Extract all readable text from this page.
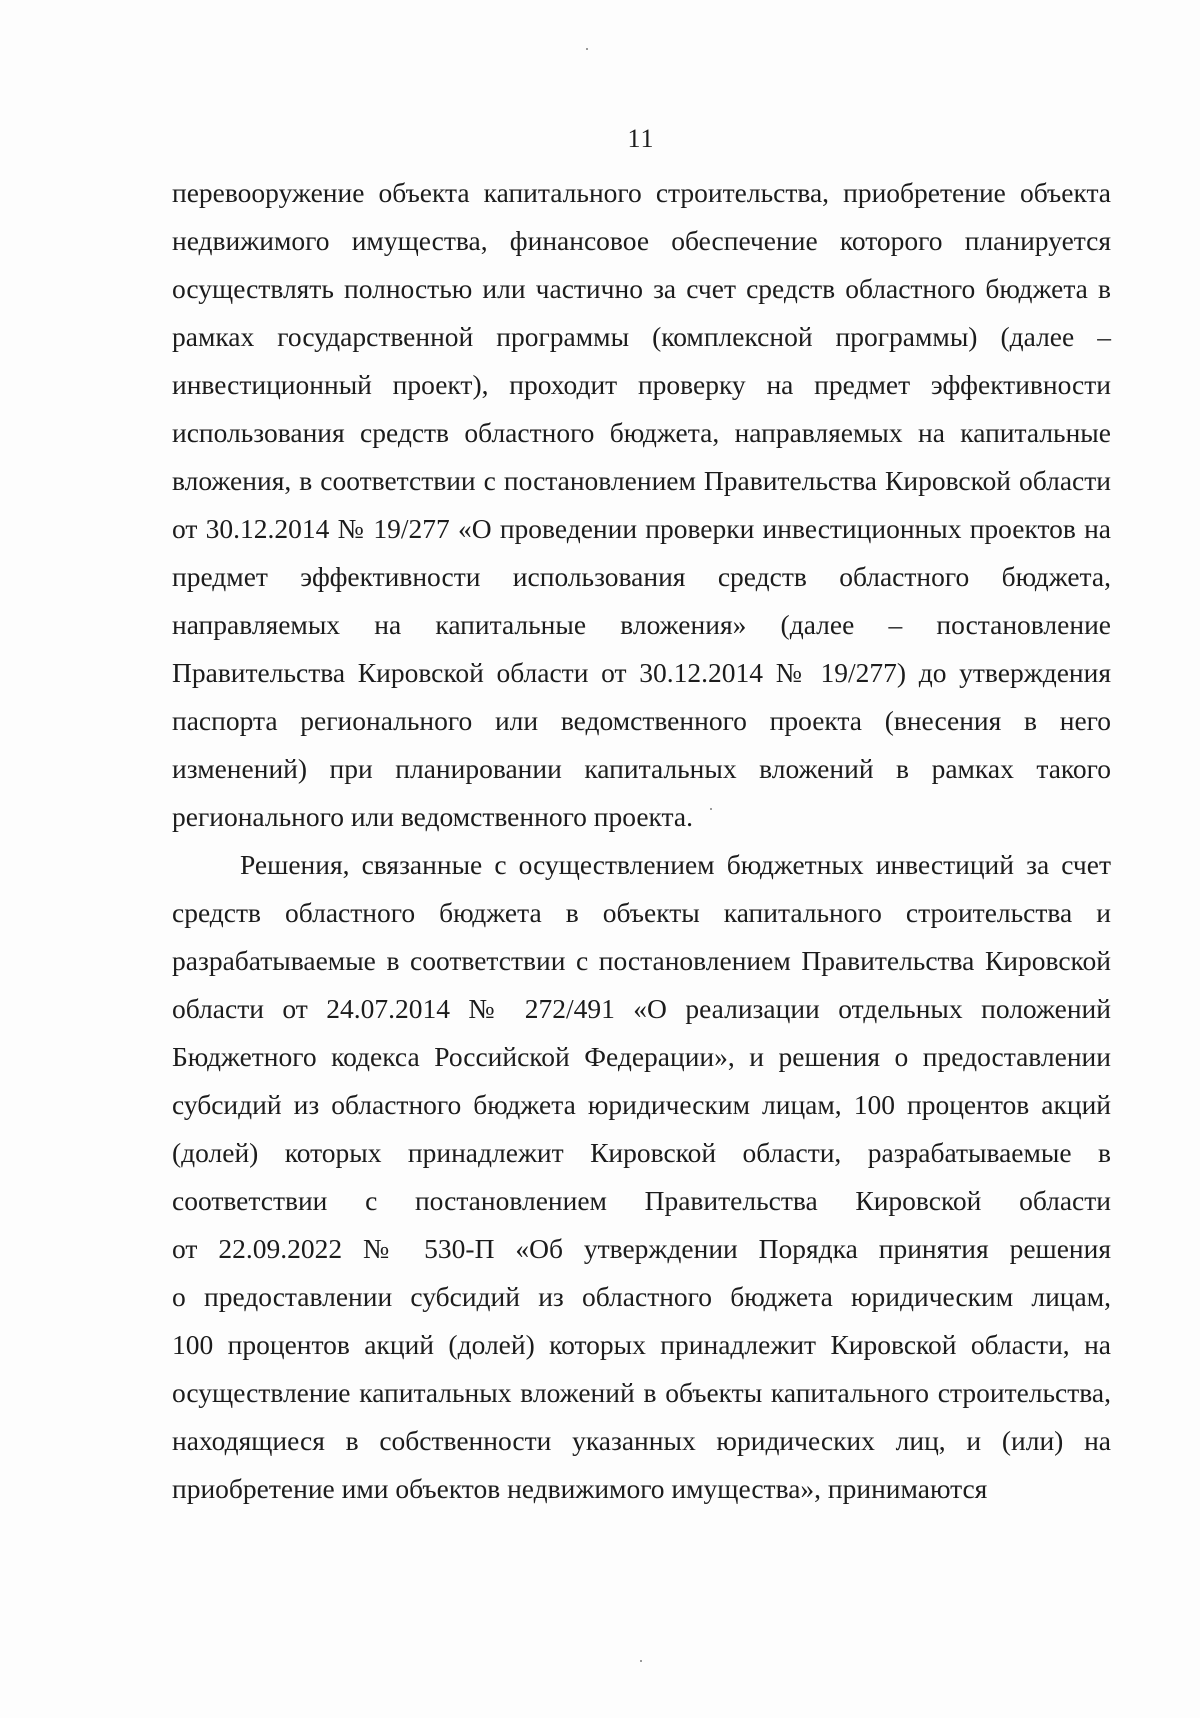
11
перевооружение объекта капитального строительства, приобретение объекта
недвижимого имущества, финансовое обеспечение которого планируется
осуществлять полностью или частично за счет средств областного бюджета в
рамках государственной программы (комплексной программы) (далее –
инвестиционный проект), проходит проверку на предмет эффективности
использования средств областного бюджета, направляемых на капитальные
вложения, в соответствии с постановлением Правительства Кировской области
от 30.12.2014 № 19/277 «О проведении проверки инвестиционных проектов на
предмет эффективности использования средств областного бюджета,
направляемых на капитальные вложения» (далее – постановление
Правительства Кировской области от 30.12.2014 № 19/277) до утверждения
паспорта регионального или ведомственного проекта (внесения в него
изменений) при планировании капитальных вложений в рамках такого
регионального или ведомственного проекта.
Решения, связанные с осуществлением бюджетных инвестиций за счет
средств областного бюджета в объекты капитального строительства и
разрабатываемые в соответствии с постановлением Правительства Кировской
области от 24.07.2014 № 272/491 «О реализации отдельных положений
Бюджетного кодекса Российской Федерации», и решения о предоставлении
субсидий из областного бюджета юридическим лицам, 100 процентов акций
(долей) которых принадлежит Кировской области, разрабатываемые в
соответствии с постановлением Правительства Кировской области
от 22.09.2022 № 530-П «Об утверждении Порядка принятия решения
о предоставлении субсидий из областного бюджета юридическим лицам,
100 процентов акций (долей) которых принадлежит Кировской области, на
осуществление капитальных вложений в объекты капитального строительства,
находящиеся в собственности указанных юридических лиц, и (или) на
приобретение ими объектов недвижимого имущества», принимаются
